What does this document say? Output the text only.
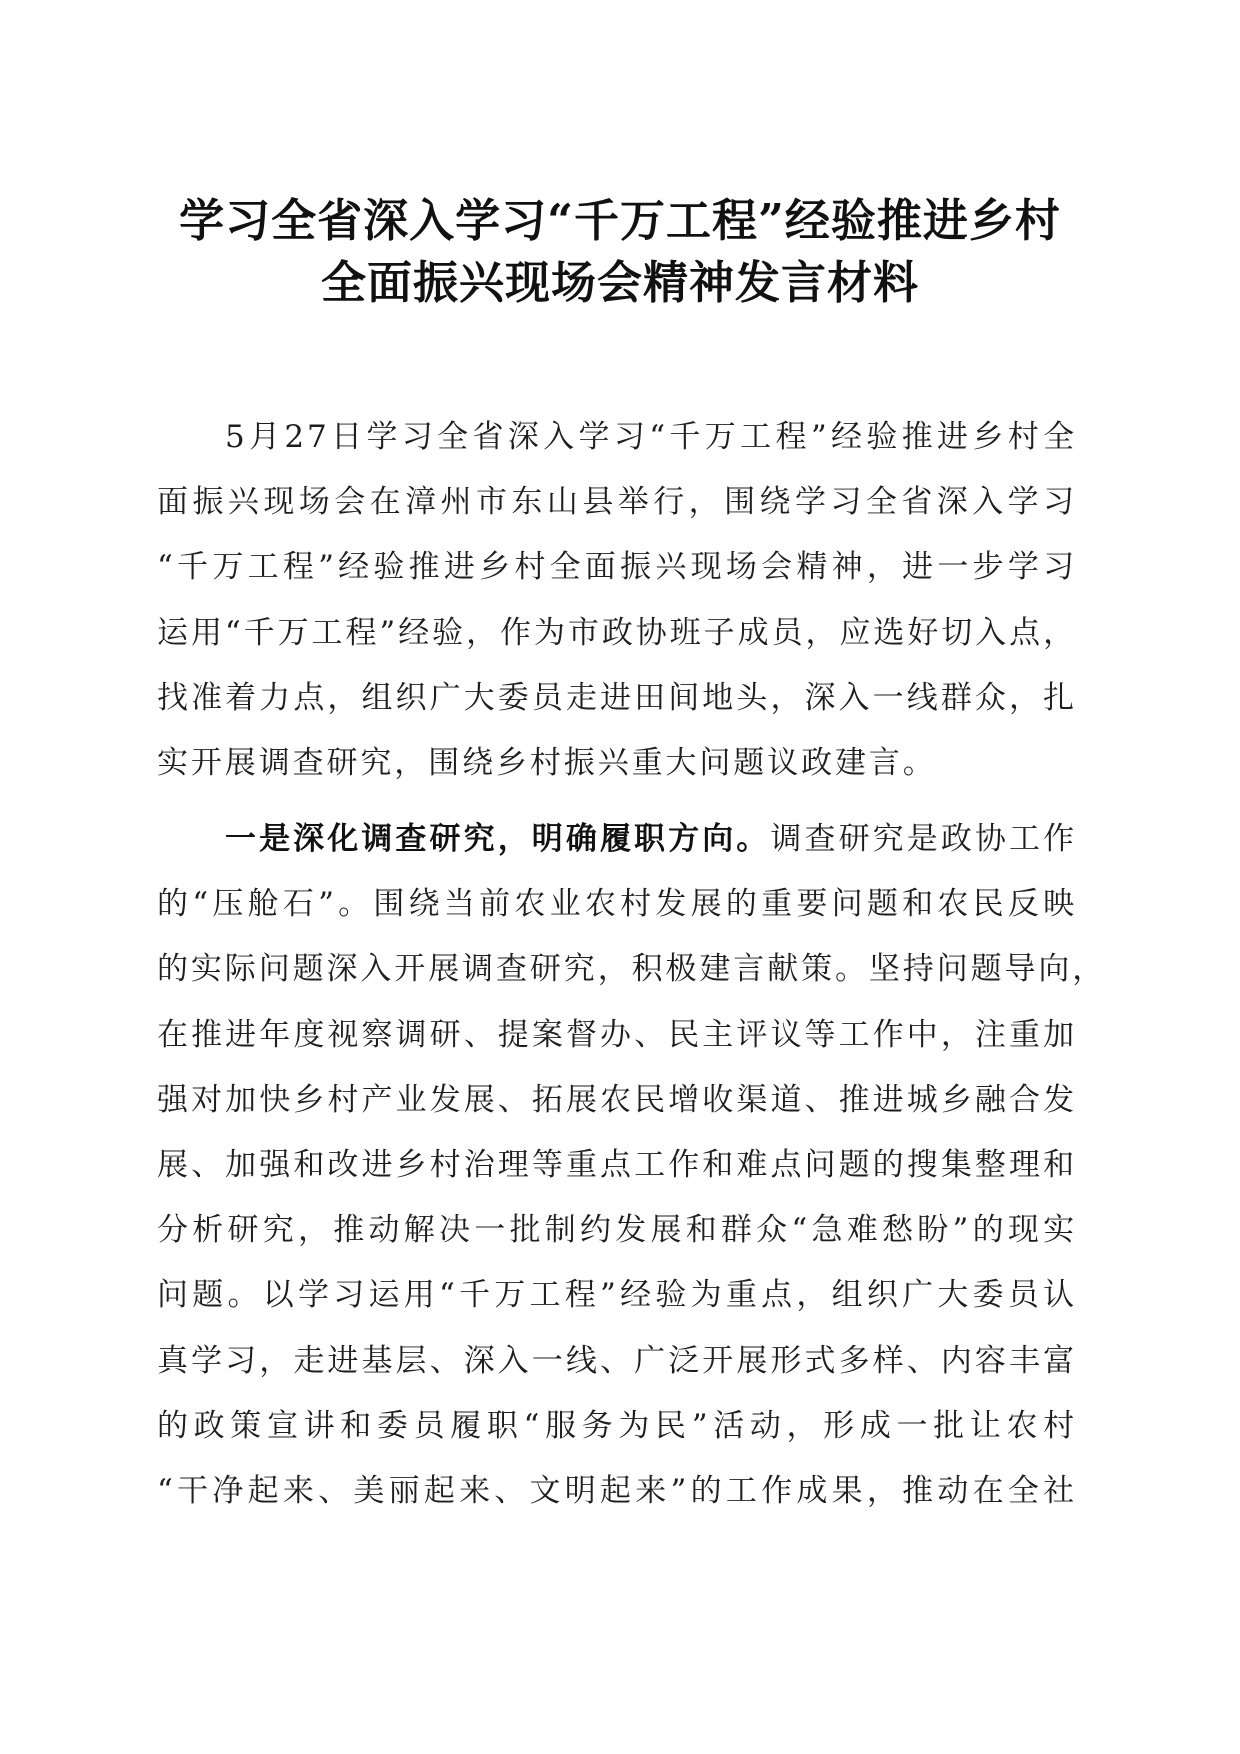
学习全省深入学习“千万工程”经验推进乡村
全面振兴现场会精神发言材料
5月27日学习全省深入学习“千万工程”经验推进乡村全
面振兴现场会在漳州市东山县举行，围绕学习全省深入学习
“千万工程”经验推进乡村全面振兴现场会精神，进一步学习
运用“千万工程”经验，作为市政协班子成员，应选好切入点，
找准着力点，组织广大委员走进田间地头，深入一线群众，扎
实开展调查研究，围绕乡村振兴重大问题议政建言。
一是深化调查研究，明确履职方向。调查研究是政协工作
的“压舱石”。围绕当前农业农村发展的重要问题和农民反映
的实际问题深入开展调查研究，积极建言献策。坚持问题导向，
在推进年度视察调研、提案督办、民主评议等工作中，注重加
强对加快乡村产业发展、拓展农民增收渠道、推进城乡融合发
展、加强和改进乡村治理等重点工作和难点问题的搜集整理和
分析研究，推动解决一批制约发展和群众“急难愁盼”的现实
问题。以学习运用“千万工程”经验为重点，组织广大委员认
真学习，走进基层、深入一线、广泛开展形式多样、内容丰富
的政策宣讲和委员履职“服务为民”活动，形成一批让农村
“干净起来、美丽起来、文明起来”的工作成果，推动在全社
